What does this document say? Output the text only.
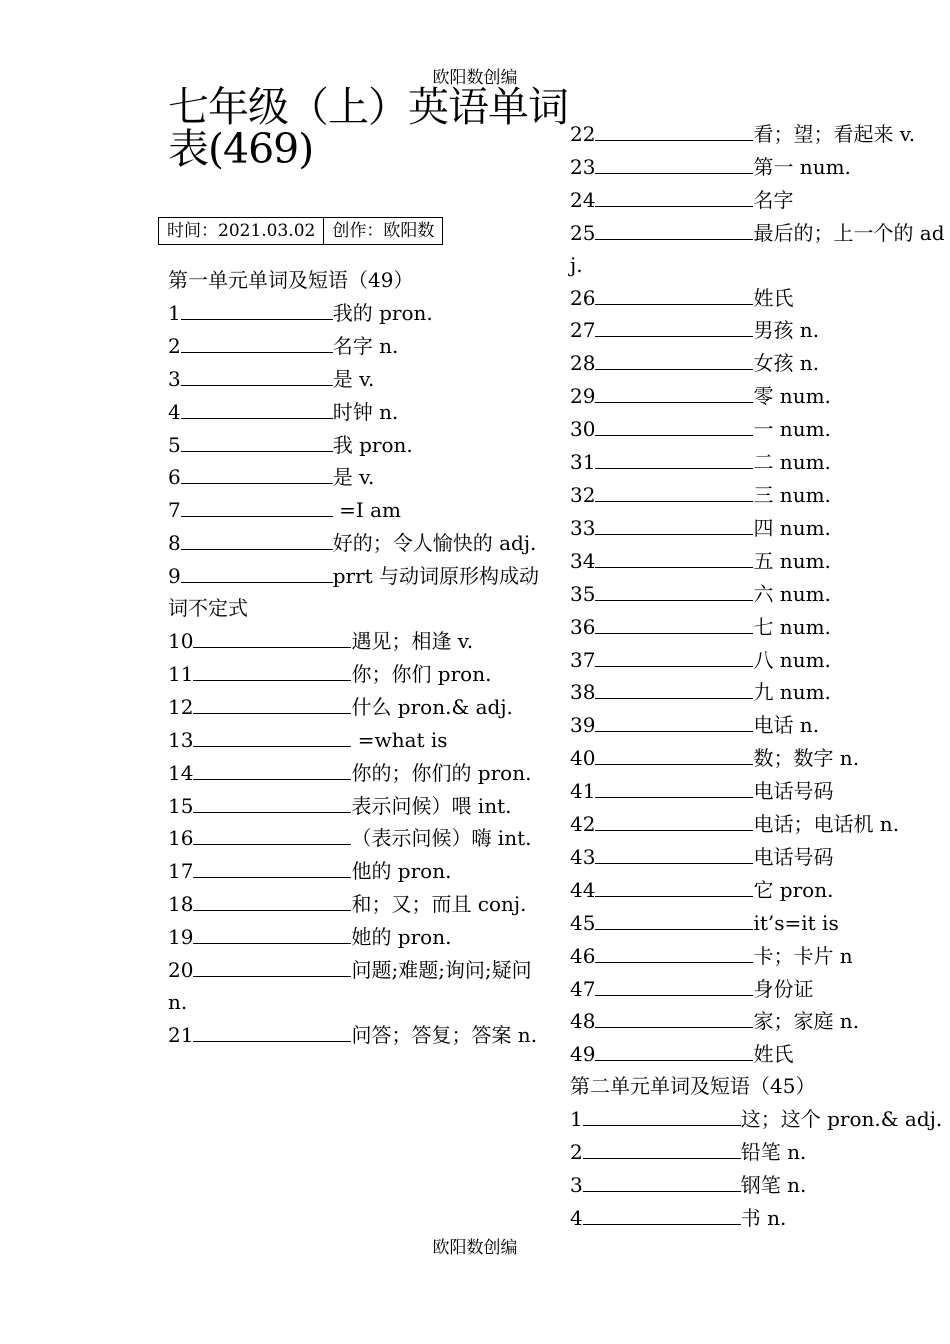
欧阳数创编
七年级（上）英语单词表(469)
时间：2021.03.02	创作：欧阳数

第一单元单词及短语（49）

1	我的 pron.

2	名字 n.

3	是 v.

4	时钟 n.

5	我 pron.

6	是 v.

7	=I am

8	好的；令人愉快的 adj.

9	prrt 与动词原形构成动词不定式

10	遇见；相逢 v.

11	你；你们 pron.

12	什么 pron.& adj.

13	=what is

14	你的；你们的 pron.

15	表示问候）喂 int.

16	（表示问候）嗨 int.

17	他的 pron.

18	和；又；而且 conj.

19	她的 pron.

20	问题;难题;询问;疑问 n.

21	问答；答复；答案 n.

22	看；望；看起来 v.

23	第一 num.

24	名字

25	最后的；上一个的 adj.

26	姓氏

27	男孩 n.

28	女孩 n.

29	零 num.

30	一 num.

31	二 num.

32	三 num.

33	四 num.

34	五 num.

35	六 num.

36	七 num.

37	八 num.

38	九 num.

39	电话 n.

40	数；数字 n.

41	电话号码

42	电话；电话机 n.

43	电话号码

44	它 pron.

45	it’s=it is

46	卡；卡片 n

47	身份证

48	家；家庭 n.

49	姓氏

第二单元单词及短语（45）

1	这；这个 pron.& adj.

2	铅笔 n.

3	钢笔 n.

4	书 n.

欧阳数创编
